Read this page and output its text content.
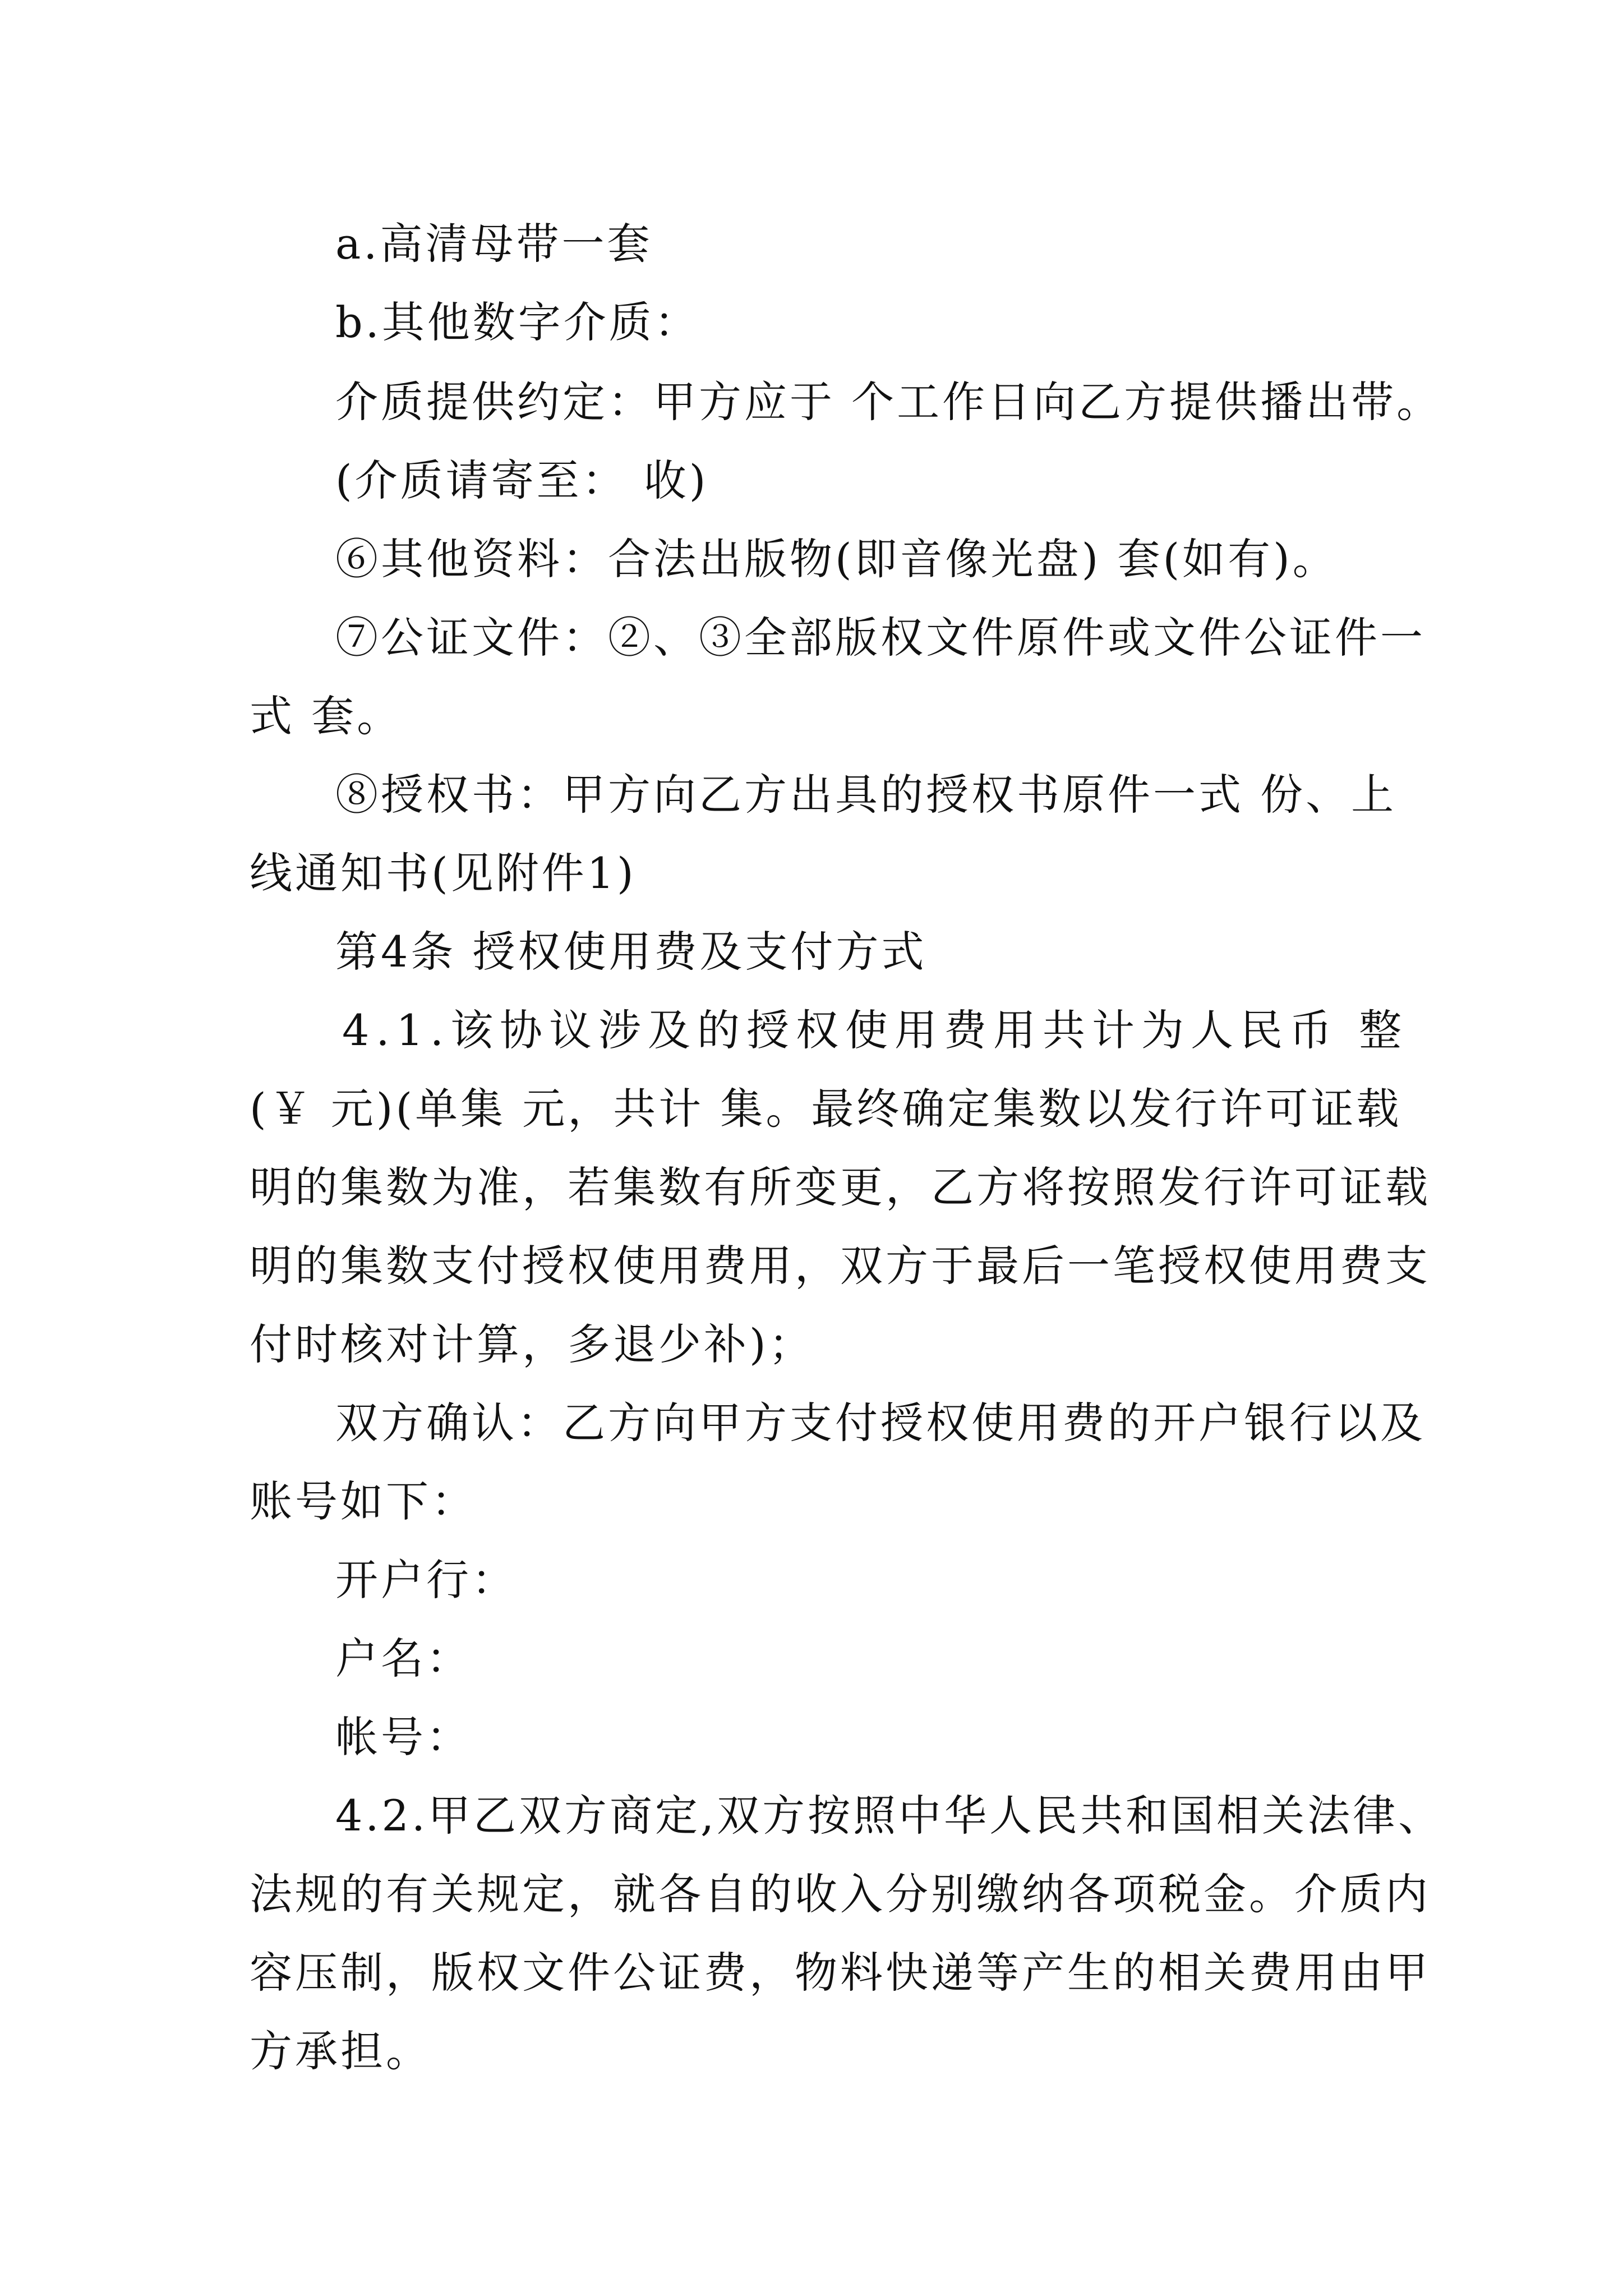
a.高清母带一套
b.其他数字介质：
介质提供约定：甲方应于 个工作日向乙方提供播出带。
(介质请寄至： 收)
⑥其他资料：合法出版物(即音像光盘) 套(如有)。
⑦公证文件：②、③全部版权文件原件或文件公证件一
式 套。
⑧授权书：甲方向乙方出具的授权书原件一式 份、上
线通知书(见附件1)
第4条 授权使用费及支付方式
4.1.该协议涉及的授权使用费用共计为人民币 整
(￥ 元)(单集 元，共计 集。最终确定集数以发行许可证载
明的集数为准，若集数有所变更，乙方将按照发行许可证载
明的集数支付授权使用费用，双方于最后一笔授权使用费支
付时核对计算，多退少补)；
双方确认：乙方向甲方支付授权使用费的开户银行以及
账号如下：
开户行：
户名：
帐号：
4.2.甲乙双方商定,双方按照中华人民共和国相关法律、
法规的有关规定，就各自的收入分别缴纳各项税金。介质内
容压制，版权文件公证费，物料快递等产生的相关费用由甲
方承担。
